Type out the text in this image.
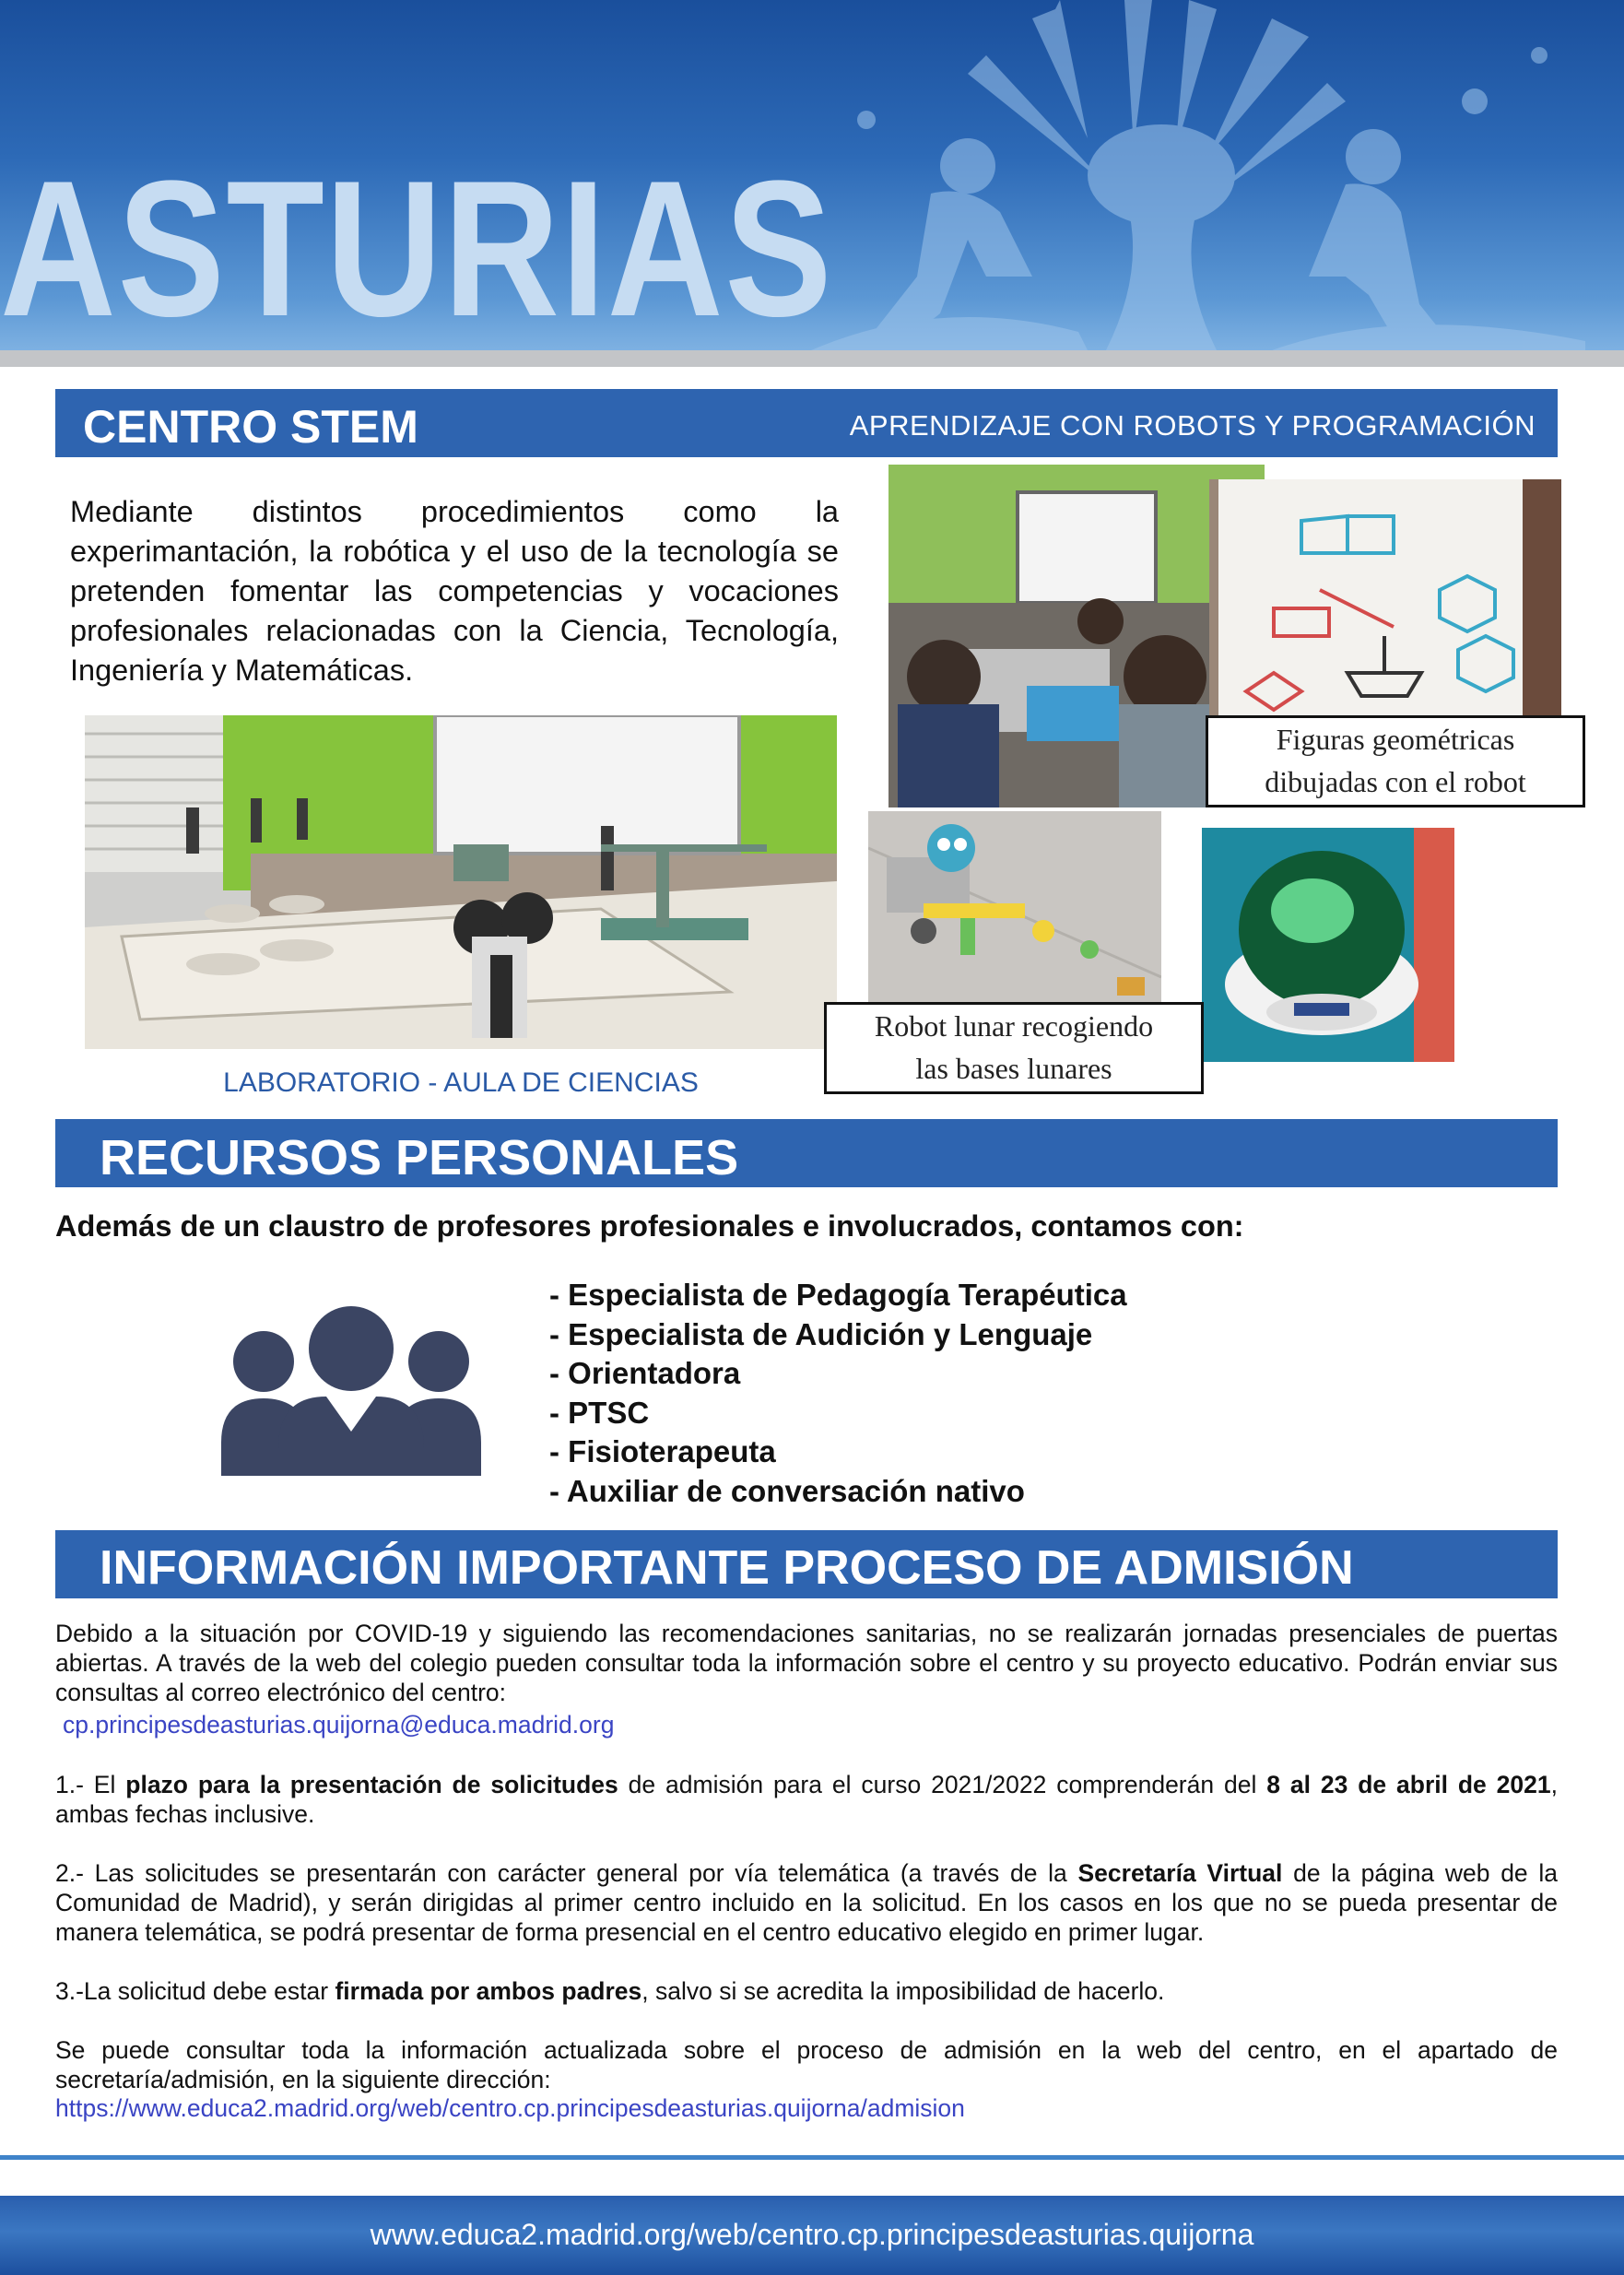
ASTURIAS
CENTRO STEM	APRENDIZAJE CON ROBOTS Y PROGRAMACIÓN
Mediante distintos procedimientos como la experimantación, la robótica y el uso de la tecnología se pretenden fomentar las competencias y vocaciones profesionales relacionadas con la Ciencia, Tecnología, Ingeniería y Matemáticas.
LABORATORIO - AULA DE CIENCIAS
Figuras geométricas
dibujadas con el robot
Robot lunar recogiendo
las bases lunares
RECURSOS PERSONALES
Además de un claustro de profesores profesionales e involucrados, contamos con:
- Especialista de Pedagogía Terapéutica
- Especialista de Audición y Lenguaje
- Orientadora
- PTSC
- Fisioterapeuta
- Auxiliar de conversación nativo
INFORMACIÓN IMPORTANTE PROCESO DE ADMISIÓN
Debido a la situación por COVID-19 y siguiendo las recomendaciones sanitarias, no se realizarán jornadas presenciales de puertas abiertas. A través de la web del colegio pueden consultar toda la información sobre el centro y su proyecto educativo. Podrán enviar sus consultas al correo electrónico del centro:
cp.principesdeasturias.quijorna@educa.madrid.org
1.- El plazo para la presentación de solicitudes de admisión para el curso 2021/2022 comprenderán del 8 al 23 de abril de 2021, ambas fechas inclusive.
2.- Las solicitudes se presentarán con carácter general por vía telemática (a través de la Secretaría Virtual de la página web de la Comunidad de Madrid), y serán dirigidas al primer centro incluido en la solicitud. En los casos en los que no se pueda presentar de manera telemática, se podrá presentar de forma presencial en el centro educativo elegido en primer lugar.
3.-La solicitud debe estar firmada por ambos padres, salvo si se acredita la imposibilidad de hacerlo.
Se puede consultar toda la información actualizada sobre el proceso de admisión en la web del centro, en el apartado de secretaría/admisión, en la siguiente dirección:
https://www.educa2.madrid.org/web/centro.cp.principesdeasturias.quijorna/admision
www.educa2.madrid.org/web/centro.cp.principesdeasturias.quijorna
